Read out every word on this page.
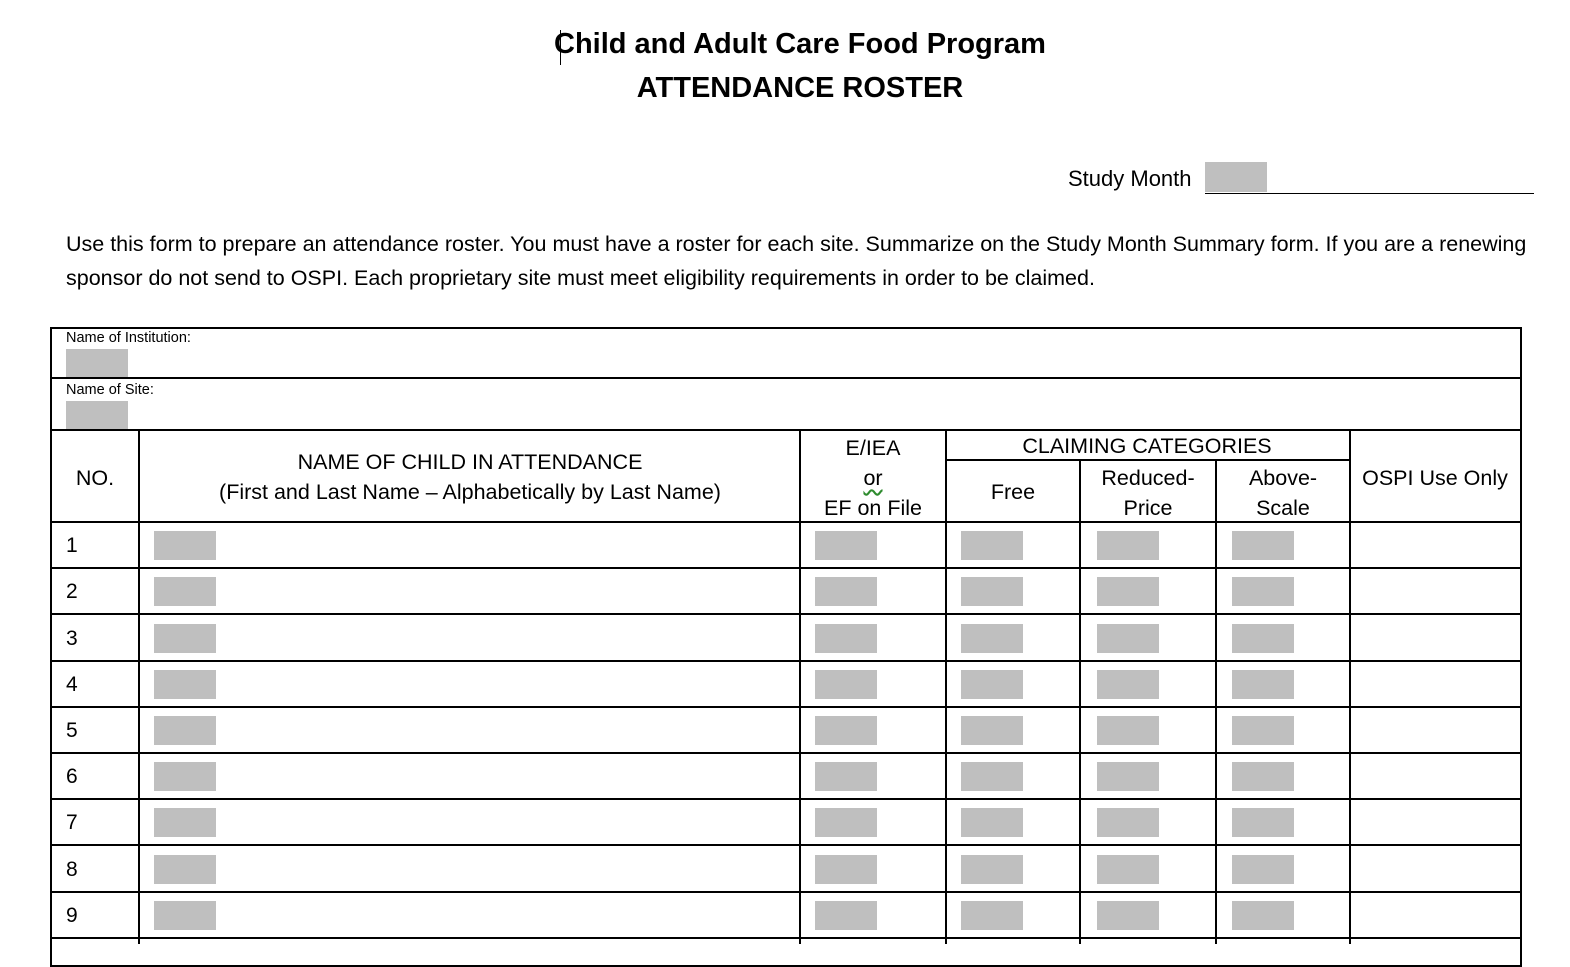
Child and Adult Care Food Program
ATTENDANCE ROSTER
Study Month
Use this form to prepare an attendance roster. You must have a roster for each site. Summarize on the Study Month Summary form. If you are a renewing sponsor do not send to OSPI. Each proprietary site must meet eligibility requirements in order to be claimed.
Name of Institution:
Name of Site:
NO.
NAME OF CHILD IN ATTENDANCE
(First and Last Name – Alphabetically by Last Name)
E/IEA
or
EF on File
CLAIMING CATEGORIES
Free
Reduced-
Price
Above-
Scale
OSPI Use Only
1
2
3
4
5
6
7
8
9
